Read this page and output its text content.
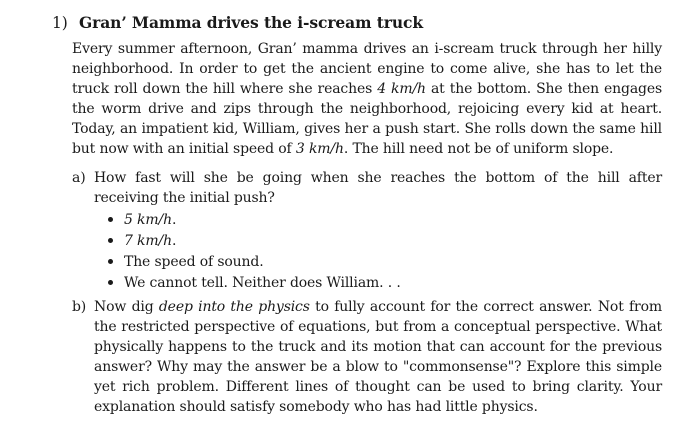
1) Gran’ Mamma drives the i-scream truck

Every summer afternoon, Gran’ mamma drives an i-scream truck through her hilly neighborhood. In order to get the ancient engine to come alive, she has to let the truck roll down the hill where she reaches 4 km/h at the bottom. She then engages the worm drive and zips through the neighborhood, rejoicing every kid at heart. Today, an impatient kid, William, gives her a push start. She rolls down the same hill but now with an initial speed of 3 km/h. The hill need not be of uniform slope.

a) How fast will she be going when she reaches the bottom of the hill after receiving the initial push?
5 km/h.
7 km/h.
The speed of sound.
We cannot tell. Neither does William. . .
b) Now dig deep into the physics to fully account for the correct answer. Not from the restricted perspective of equations, but from a conceptual perspective. What physically happens to the truck and its motion that can account for the previous answer? Why may the answer be a blow to "commonsense"? Explore this simple yet rich problem. Different lines of thought can be used to bring clarity. Your explanation should satisfy somebody who has had little physics.
